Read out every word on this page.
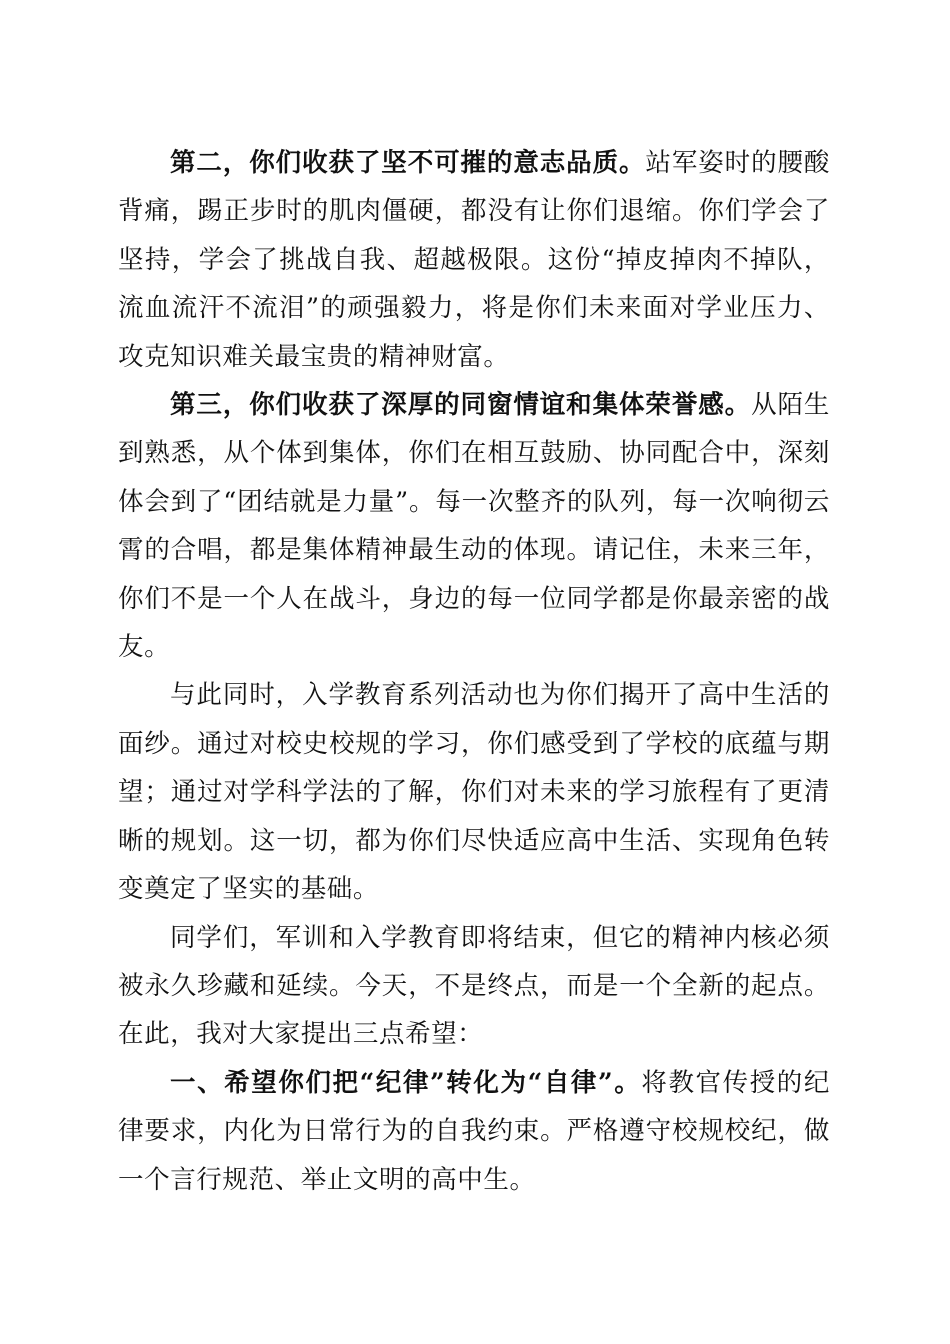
第二，你们收获了坚不可摧的意志品质。站军姿时的腰酸背痛，踢正步时的肌肉僵硬，都没有让你们退缩。你们学会了坚持，学会了挑战自我、超越极限。这份“掉皮掉肉不掉队，流血流汗不流泪”的顽强毅力，将是你们未来面对学业压力、攻克知识难关最宝贵的精神财富。

第三，你们收获了深厚的同窗情谊和集体荣誉感。从陌生到熟悉，从个体到集体，你们在相互鼓励、协同配合中，深刻体会到了“团结就是力量”。每一次整齐的队列，每一次响彻云霄的合唱，都是集体精神最生动的体现。请记住，未来三年，你们不是一个人在战斗，身边的每一位同学都是你最亲密的战友。

与此同时，入学教育系列活动也为你们揭开了高中生活的面纱。通过对校史校规的学习，你们感受到了学校的底蕴与期望；通过对学科学法的了解，你们对未来的学习旅程有了更清晰的规划。这一切，都为你们尽快适应高中生活、实现角色转变奠定了坚实的基础。

同学们，军训和入学教育即将结束，但它的精神内核必须被永久珍藏和延续。今天，不是终点，而是一个全新的起点。在此，我对大家提出三点希望：

一、希望你们把“纪律”转化为“自律”。将教官传授的纪律要求，内化为日常行为的自我约束。严格遵守校规校纪，做一个言行规范、举止文明的高中生。
